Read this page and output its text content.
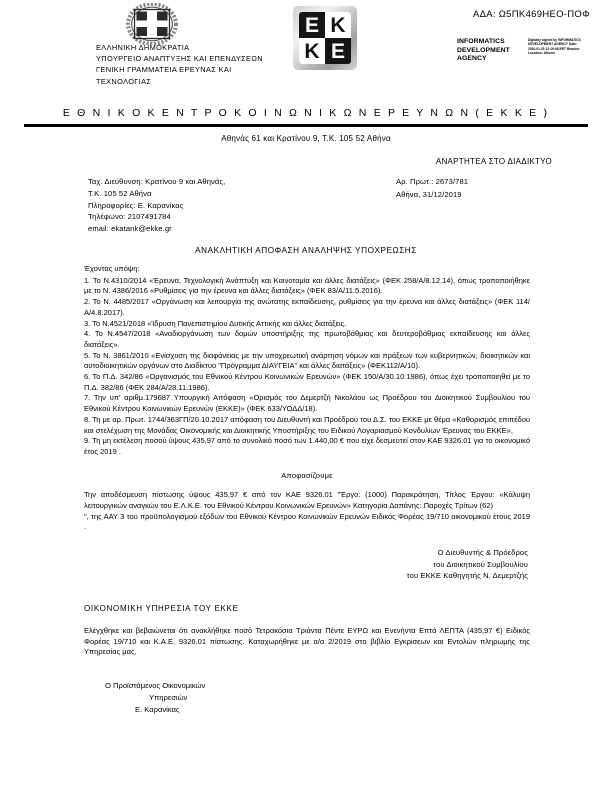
ΑΔΑ: Ω5ΠΚ469ΗΕΟ-ΠΟΦ
ΕΛΛΗΝΙΚΗ ΔΗΜΟΚΡΑΤΙΑ
ΥΠΟΥΡΓΕΙΟ ΑΝΑΠΤΥΞΗΣ ΚΑΙ ΕΠΕΝΔΥΣΕΩΝ
ΓΕΝΙΚΗ ΓΡΑΜΜΑΤΕΙΑ ΕΡΕΥΝΑΣ ΚΑΙ
ΤΕΧΝΟΛΟΓΙΑΣ
Ε Κ
Κ Ε	INFORMATICS DEVELOPMENT AGENCY
Digitally signed by INFORMATICS DEVELOPMENT AGENCY Date: 2020.01.20 12:19:08 EET Reason: Location: Athens
Ε Θ Ν Ι Κ Ο Κ Ε Ν Τ Ρ Ο Κ Ο Ι Ν Ω Ν Ι Κ Ω Ν Ε Ρ Ε Υ Ν Ω Ν ( Ε Κ Κ Ε )
Αθηνάς 61 και Κρατίνου 9, Τ.Κ. 105 52 Αθήνα
ΑΝΑΡΤΗΤΕΑ ΣΤΟ ΔΙΑΔΙΚΤΥΟ
Ταχ. Διεύθυνση: Κρατίνου 9 και Αθηνάς,
Τ.Κ. 105 52 Αθήνα
Πληροφορίες: Ε. Καρανίκας
Τηλέφωνο: 2107491784
email: ekatank@ekke.gr
Αρ. Πρωτ.: 2673/781
Αθήνα, 31/12/2019
ΑΝΑΚΛΗΤΙΚΗ ΑΠΟΦΑΣΗ ΑΝΑΛΗΨΗΣ ΥΠΟΧΡΕΩΣΗΣ

Έχοντας υπόψη:

1. Το Ν.4310/2014 «Έρευνα, Τεχνολογική Ανάπτυξη και Καινοτομία και άλλες διατάξεις» (ΦΕΚ 258/Α/8.12.14), όπως τροποποιήθηκε με το Ν. 4386/2016 «Ρυθμίσεις για την έρευνα και άλλες διατάξεις» (ΦΕΚ 83/Α/11.5.2016).

2. Το Ν. 4485/2017 «Οργάνωση και λειτουργία της ανώτατης εκπαίδευσης, ρυθμίσεις για την έρευνα και άλλες διατάξεις» (ΦΕΚ 114/Α/4.8.2017).

3. Το Ν.4521/2018 «Ίδρυση Πανεπιστημίου Δυτικής Αττικής και άλλες διατάξεις.

4. Το Ν.4547/2018 «Αναδιοργάνωση των δομών υποστήριξης της πρωτοβάθμιας και δευτεροβάθμιας εκπαίδευσης και άλλες διατάξεις».

5. Το Ν. 3861/2010 «Ενίσχυση της διαφάνειας με την υποχρεωτική ανάρτηση νόμων και πράξεων των κυβερνητικών, διοικητικών και αυτοδιοικητικών οργάνων στο Διαδίκτυο "Πρόγραμμα ΔΙΑΥΓΕΙΑ" και άλλες διατάξεις» (ΦΕΚ112/Α/10).

6. Το Π.Δ. 342/86 «Οργανισμός του Εθνικού Κέντρου Κοινωνικών Ερευνών» (ΦΕΚ 150/Α/30.10.1986), όπως έχει τροποποιηθεί με το Π.Δ. 382/86 (ΦΕΚ 284/Α/28.11.1986).

7. Την υπ' αριθμ.179687 Υπουργική Απόφαση «Ορισμός του Δεμερτζή Νικολάου ως Προέδρου του Διοικητικού Συμβουλίου του Εθνικού Κέντρου Κοινωνικών Ερευνών (ΕΚΚΕ)» (ΦΕΚ 633/ΥΟΔΔ/18).

8. Τη με αρ. Πρωτ. 1744/363ΓΠ/20.10.2017 απόφαση του Διευθυντή και Προέδρου του Δ.Σ. του ΕΚΚΕ με θέμα «Καθορισμός επιπέδου και στελέχωση της Μονάδας Οικονομικής και Διοικητικής Υποστήριξης του Ειδικού Λογαριασμού Κονδυλίων Έρευνας του ΕΚΚΕ»,

9. Τη μη εκτέλεση ποσού ύψους 435,97 από το συνολικό ποσό των 1.440,00 € που είχε δεσμευτεί στον ΚΑΕ 9326.01 για το οικονομικό έτος 2019 .

Αποφασίζουμε

Την αποδέσμευση πίστωσης ύψους 435,97 € από τον ΚΑΕ 9326.01 "Έργο: (1000) Παρακράτηση, Τίτλος Έργου: «Κάλυψη λειτουργικών αναγκών του Ε.Λ.Κ.Ε. του Εθνικού Κέντρου Κοινωνικών Ερευνών» Κατηγορία Δαπάνης: Παροχές Τρίτων (62)

", της ΑΑΥ 3 του προϋπολογισμού εξόδων του Εθνικού Κέντρου Κοινωνικών Ερευνών Ειδικός Φορέας 19/710 οικονομικού έτους 2019 .

Ο Διευθυντής & Πρόεδρος
του Διοικητικού Συμβουλίου
του ΕΚΚΕ Καθηγητής Ν. Δεμερτζής
ΟΙΚΟΝΟΜΙΚΗ ΥΠΗΡΕΣΙΑ ΤΟΥ ΕΚΚΕ
Ελέγχθηκε και βεβαιώνεται ότι ανακλήθηκε ποσό Τετρακόσια Τριάντα Πέντε ΕΥΡΩ και Ενενήντα Επτά ΛΕΠΤΑ (435,97 €) Ειδικός Φορέας 19/710 και Κ.Α.Ε. 9326.01 πίστωσης. Καταχωρήθηκε με α/α 2/2019 στο βιβλίο Εγκρίσεων και Εντολών πληρωμής της Υπηρεσίας μας.
Ο Προϊστάμενος Οικονομικών
Υπηρεσιών
Ε. Καρανίκας
